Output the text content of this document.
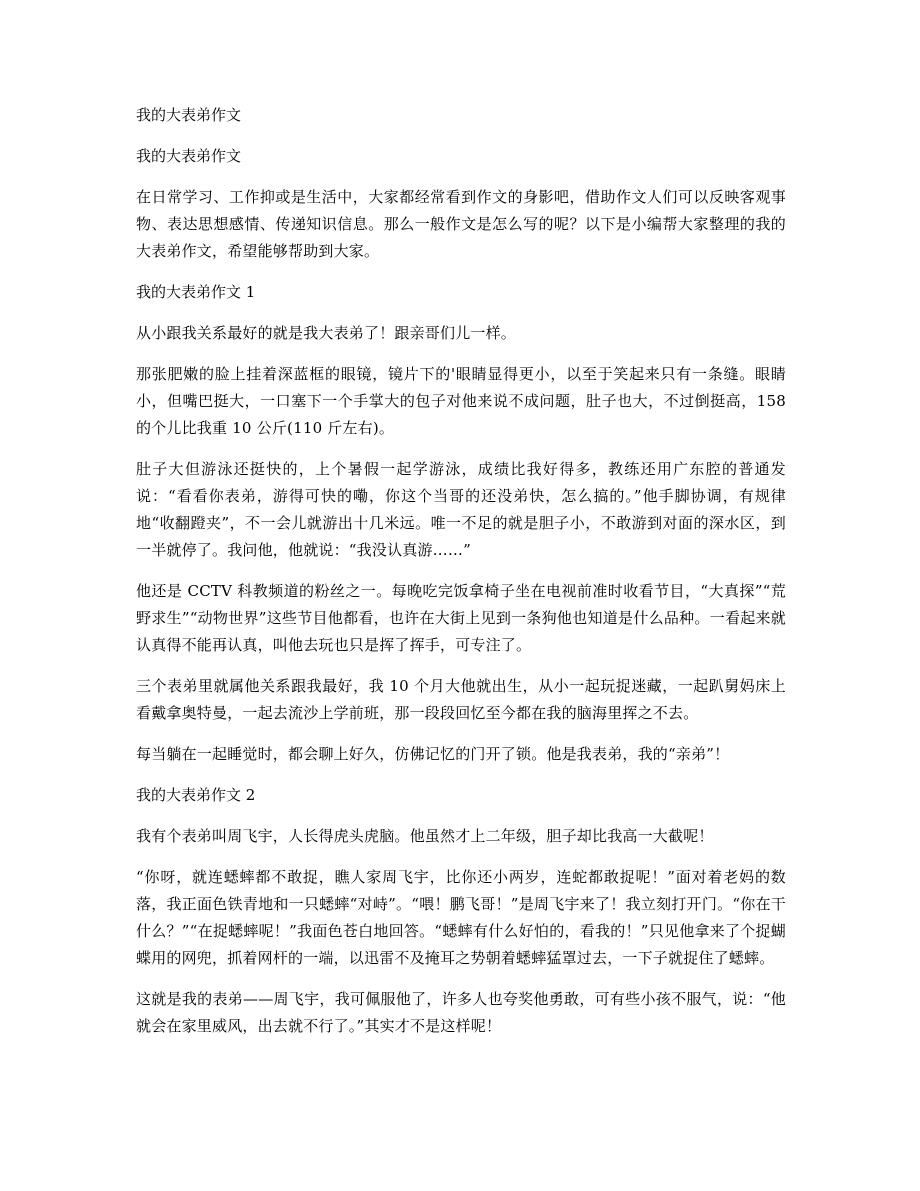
我的大表弟作文
我的大表弟作文
在日常学习、工作抑或是生活中，大家都经常看到作文的身影吧，借助作文人们可以反映客观事物、表达思想感情、传递知识信息。那么一般作文是怎么写的呢？以下是小编帮大家整理的我的大表弟作文，希望能够帮助到大家。
我的大表弟作文 1
从小跟我关系最好的就是我大表弟了！跟亲哥们儿一样。
那张肥嫩的脸上挂着深蓝框的眼镜，镜片下的'眼睛显得更小，以至于笑起来只有一条缝。眼睛小，但嘴巴挺大，一口塞下一个手掌大的包子对他来说不成问题，肚子也大，不过倒挺高，158 的个儿比我重 10 公斤(110 斤左右)。
肚子大但游泳还挺快的，上个暑假一起学游泳，成绩比我好得多，教练还用广东腔的普通发说：“看看你表弟，游得可快的嘞，你这个当哥的还没弟快，怎么搞的。”他手脚协调，有规律地“收翻蹬夹”，不一会儿就游出十几米远。唯一不足的就是胆子小，不敢游到对面的深水区，到一半就停了。我问他，他就说：“我没认真游……”
他还是 CCTV 科教频道的粉丝之一。每晚吃完饭拿椅子坐在电视前准时收看节目，“大真探”“荒野求生”“动物世界”这些节目他都看，也许在大街上见到一条狗他也知道是什么品种。一看起来就认真得不能再认真，叫他去玩也只是挥了挥手，可专注了。
三个表弟里就属他关系跟我最好，我 10 个月大他就出生，从小一起玩捉迷藏，一起趴舅妈床上看戴拿奥特曼，一起去流沙上学前班，那一段段回忆至今都在我的脑海里挥之不去。
每当躺在一起睡觉时，都会聊上好久，仿佛记忆的门开了锁。他是我表弟，我的“亲弟”！
我的大表弟作文 2
我有个表弟叫周飞宇，人长得虎头虎脑。他虽然才上二年级，胆子却比我高一大截呢！
“你呀，就连蟋蟀都不敢捉，瞧人家周飞宇，比你还小两岁，连蛇都敢捉呢！”面对着老妈的数落，我正面色铁青地和一只蟋蟀“对峙”。“喂！鹏飞哥！”是周飞宇来了！我立刻打开门。“你在干什么？”“在捉蟋蟀呢！”我面色苍白地回答。“蟋蟀有什么好怕的，看我的！”只见他拿来了个捉蝴蝶用的网兜，抓着网杆的一端，以迅雷不及掩耳之势朝着蟋蟀猛罩过去，一下子就捉住了蟋蟀。
这就是我的表弟——周飞宇，我可佩服他了，许多人也夸奖他勇敢，可有些小孩不服气，说：“他就会在家里威风，出去就不行了。”其实才不是这样呢！
